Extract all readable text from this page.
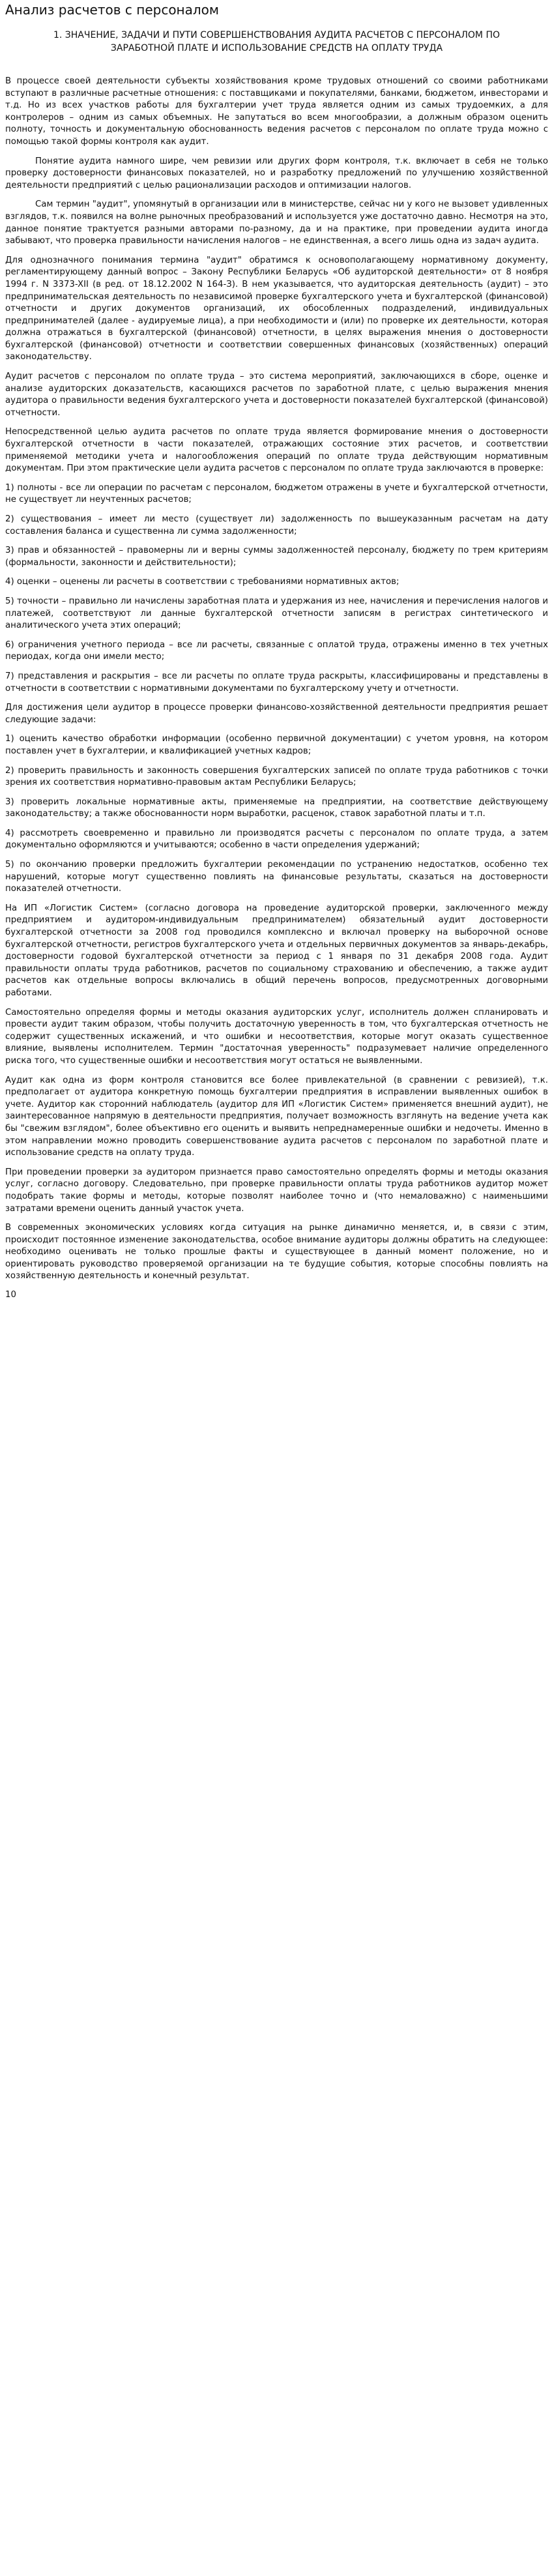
Анализ расчетов с персоналом
1. ЗНАЧЕНИЕ, ЗАДАЧИ И ПУТИ СОВЕРШЕНСТВОВАНИЯ АУДИТА РАСЧЕТОВ С ПЕРСОНАЛОМ ПО ЗАРАБОТНОЙ ПЛАТЕ И ИСПОЛЬЗОВАНИЕ СРЕДСТВ НА ОПЛАТУ ТРУДА

В процессе своей деятельности субъекты хозяйствования кроме трудовых отношений со своими работниками вступают в различные расчетные отношения: с поставщиками и покупателями, банками, бюджетом, инвесторами и т.д. Но из всех участков работы для бухгалтерии учет труда является одним из самых трудоемких, а для контролеров – одним из самых объемных. Не запутаться во всем многообразии, а должным образом оценить полноту, точность и документальную обоснованность ведения расчетов с персоналом по оплате труда можно с помощью такой формы контроля как аудит.

Понятие аудита намного шире, чем ревизии или других форм контроля, т.к. включает в себя не только проверку достоверности финансовых показателей, но и разработку предложений по улучшению хозяйственной деятельности предприятий с целью рационализации расходов и оптимизации налогов.

Сам термин "аудит", упомянутый в организации или в министерстве, сейчас ни у кого не вызовет удивленных взглядов, т.к. появился на волне рыночных преобразований и используется уже достаточно давно. Несмотря на это, данное понятие трактуется разными авторами по-разному, да и на практике, при проведении аудита иногда забывают, что проверка правильности начисления налогов – не единственная, а всего лишь одна из задач аудита.

Для однозначного понимания термина "аудит" обратимся к основополагающему нормативному документу, регламентирующему данный вопрос – Закону Республики Беларусь «Об аудиторской деятельности» от 8 ноября 1994 г. N 3373-XII (в ред. от 18.12.2002 N 164-З). В нем указывается, что аудиторская деятельность (аудит) – это предпринимательская деятельность по независимой проверке бухгалтерского учета и бухгалтерской (финансовой) отчетности и других документов организаций, их обособленных подразделений, индивидуальных предпринимателей (далее - аудируемые лица), а при необходимости и (или) по проверке их деятельности, которая должна отражаться в бухгалтерской (финансовой) отчетности, в целях выражения мнения о достоверности бухгалтерской (финансовой) отчетности и соответствии совершенных финансовых (хозяйственных) операций законодательству.

Аудит расчетов с персоналом по оплате труда – это система мероприятий, заключающихся в сборе, оценке и анализе аудиторских доказательств, касающихся расчетов по заработной плате, с целью выражения мнения аудитора о правильности ведения бухгалтерского учета и достоверности показателей бухгалтерской (финансовой) отчетности.

Непосредственной целью аудита расчетов по оплате труда является формирование мнения о достоверности бухгалтерской отчетности в части показателей, отражающих состояние этих расчетов, и соответствии применяемой методики учета и налогообложения операций по оплате труда действующим нормативным документам. При этом практические цели аудита расчетов с персоналом по оплате труда заключаются в проверке:

1) полноты - все ли операции по расчетам с персоналом, бюджетом отражены в учете и бухгалтерской отчетности, не существует ли неучтенных расчетов;

2) существования – имеет ли место (существует ли) задолженность по вышеуказанным расчетам на дату составления баланса и существенна ли сумма задолженности;

3) прав и обязанностей – правомерны ли и верны суммы задолженностей персоналу, бюджету по трем критериям (формальности, законности и действительности);

4) оценки – оценены ли расчеты в соответствии с требованиями нормативных актов;

5) точности – правильно ли начислены заработная плата и удержания из нее, начисления и перечисления налогов и платежей, соответствуют ли данные бухгалтерской отчетности записям в регистрах синтетического и аналитического учета этих операций;

6) ограничения учетного периода – все ли расчеты, связанные с оплатой труда, отражены именно в тех учетных периодах, когда они имели место;

7) представления и раскрытия – все ли расчеты по оплате труда раскрыты, классифицированы и представлены в отчетности в соответствии с нормативными документами по бухгалтерскому учету и отчетности.

Для достижения цели аудитор в процессе проверки финансово-хозяйственной деятельности предприятия решает следующие задачи:

1) оценить качество обработки информации (особенно первичной документации) с учетом уровня, на котором поставлен учет в бухгалтерии, и квалификацией учетных кадров;

2) проверить правильность и законность совершения бухгалтерских записей по оплате труда работников с точки зрения их соответствия нормативно-правовым актам Республики Беларусь;

3) проверить локальные нормативные акты, применяемые на предприятии, на соответствие действующему законодательству; а также обоснованности норм выработки, расценок, ставок заработной платы и т.п.

4) рассмотреть своевременно и правильно ли производятся расчеты с персоналом по оплате труда, а затем документально оформляются и учитываются; особенно в части определения удержаний;

5) по окончанию проверки предложить бухгалтерии рекомендации по устранению недостатков, особенно тех нарушений, которые могут существенно повлиять на финансовые результаты, сказаться на достоверности показателей отчетности.

На ИП «Логистик Систем» (согласно договора на проведение аудиторской проверки, заключенного между предприятием и аудитором-индивидуальным предпринимателем) обязательный аудит достоверности бухгалтерской отчетности за 2008 год проводился комплексно и включал проверку на выборочной основе бухгалтерской отчетности, регистров бухгалтерского учета и отдельных первичных документов за январь-декабрь, достоверности годовой бухгалтерской отчетности за период с 1 января по 31 декабря 2008 года. Аудит правильности оплаты труда работников, расчетов по социальному страхованию и обеспечению, а также аудит расчетов как отдельные вопросы включались в общий перечень вопросов, предусмотренных договорными работами.

Самостоятельно определяя формы и методы оказания аудиторских услуг, исполнитель должен спланировать и провести аудит таким образом, чтобы получить достаточную уверенность в том, что бухгалтерская отчетность не содержит существенных искажений, и что ошибки и несоответствия, которые могут оказать существенное влияние, выявлены исполнителем. Термин "достаточная уверенность" подразумевает наличие определенного риска того, что существенные ошибки и несоответствия могут остаться не выявленными.

Аудит как одна из форм контроля становится все более привлекательной (в сравнении с ревизией), т.к. предполагает от аудитора конкретную помощь бухгалтерии предприятия в исправлении выявленных ошибок в учете. Аудитор как сторонний наблюдатель (аудитор для ИП «Логистик Систем» применяется внешний аудит), не заинтересованное напрямую в деятельности предприятия, получает возможность взглянуть на ведение учета как бы "свежим взглядом", более объективно его оценить и выявить непреднамеренные ошибки и недочеты. Именно в этом направлении можно проводить совершенствование аудита расчетов с персоналом по заработной плате и использование средств на оплату труда.

При проведении проверки за аудитором признается право самостоятельно определять формы и методы оказания услуг, согласно договору. Следовательно, при проверке правильности оплаты труда работников аудитор может подобрать такие формы и методы, которые позволят наиболее точно и (что немаловажно) с наименьшими затратами времени оценить данный участок учета.

В современных экономических условиях когда ситуация на рынке динамично меняется, и, в связи с этим, происходит постоянное изменение законодательства, особое внимание аудиторы должны обратить на следующее: необходимо оценивать не только прошлые факты и существующее в данный момент положение, но и ориентировать руководство проверяемой организации на те будущие события, которые способны повлиять на хозяйственную деятельность и конечный результат.

10
